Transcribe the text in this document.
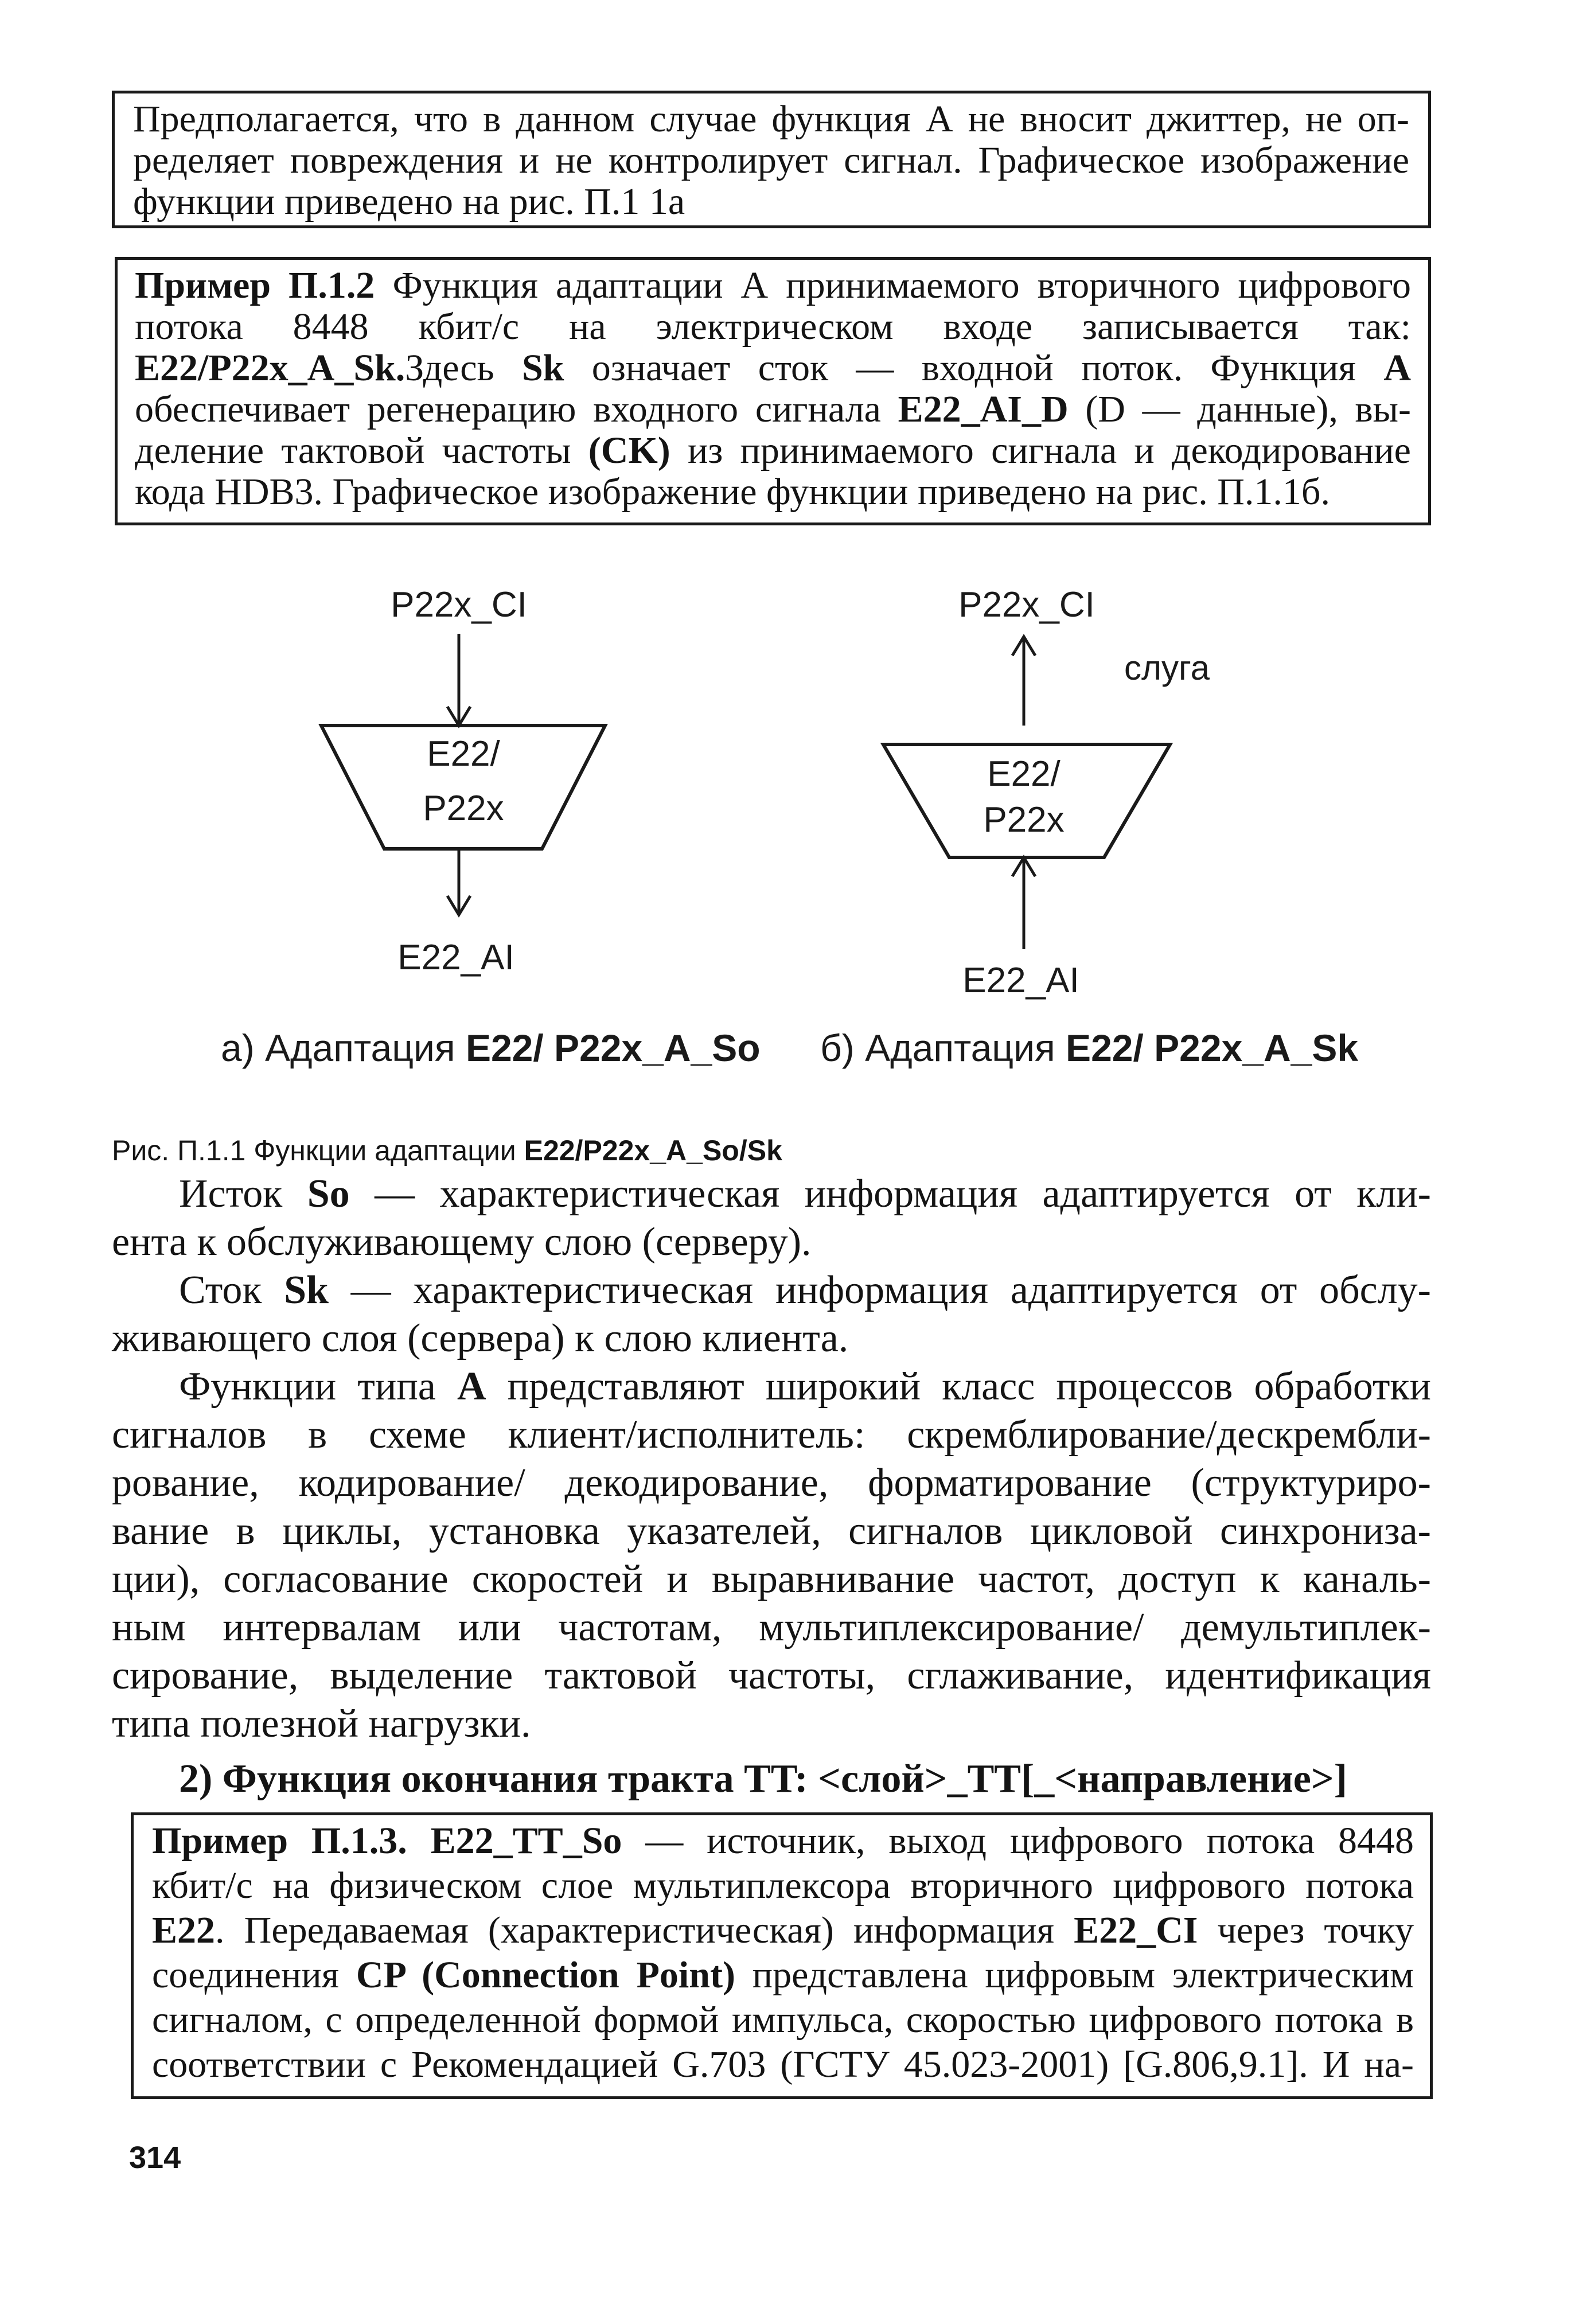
Предполагается, что в данном случае функция А не вносит джиттер, не оп-
ределяет повреждения и не контролирует сигнал. Графическое изображение
функции приведено на рис. П.1 1а
Пример П.1.2 Функция адаптации А принимаемого вторичного цифрового
потока 8448 кбит/с на электрическом входе записывается так:
E22/P22x_A_Sk.Здесь Sk означает сток — входной поток. Функция А
обеспечивает регенерацию входного сигнала E22_AI_D (D — данные), вы-
деление тактовой частоты (CK) из принимаемого сигнала и декодирование
кода HDB3. Графическое изображение функции приведено на рис. П.1.1б.
P22x_CI
E22/
P22x
E22_AI
P22x_CI
слуга
E22/
P22x
E22_AI
а) Адаптация E22/ P22x_A_So б) Адаптация E22/ P22x_A_Sk
Рис. П.1.1 Функции адаптации E22/P22x_A_So/Sk
Исток So — характеристическая информация адаптируется от кли-
ента к обслуживающему слою (серверу).
Сток Sk — характеристическая информация адаптируется от обслу-
живающего слоя (сервера) к слою клиента.
Функции типа А представляют широкий класс процессов обработки
сигналов в схеме клиент/исполнитель: скремблирование/дескрембли-
рование, кодирование/ декодирование, форматирование (структуриро-
вание в циклы, установка указателей, сигналов цикловой синхрониза-
ции), согласование скоростей и выравнивание частот, доступ к каналь-
ным интервалам или частотам, мультиплексирование/ демультиплек-
сирование, выделение тактовой частоты, сглаживание, идентификация
типа полезной нагрузки.
2) Функция окончания тракта TT: <слой>_TT[_<направление>]
Пример П.1.3. E22_TT_So — источник, выход цифрового потока 8448
кбит/с на физическом слое мультиплексора вторичного цифрового потока
E22. Передаваемая (характеристическая) информация E22_CI через точку
соединения CP (Connection Point) представлена цифровым электрическим
сигналом, с определенной формой импульса, скоростью цифрового потока в
соответствии с Рекомендацией G.703 (ГСТУ 45.023-2001) [G.806,9.1]. И на-
314
